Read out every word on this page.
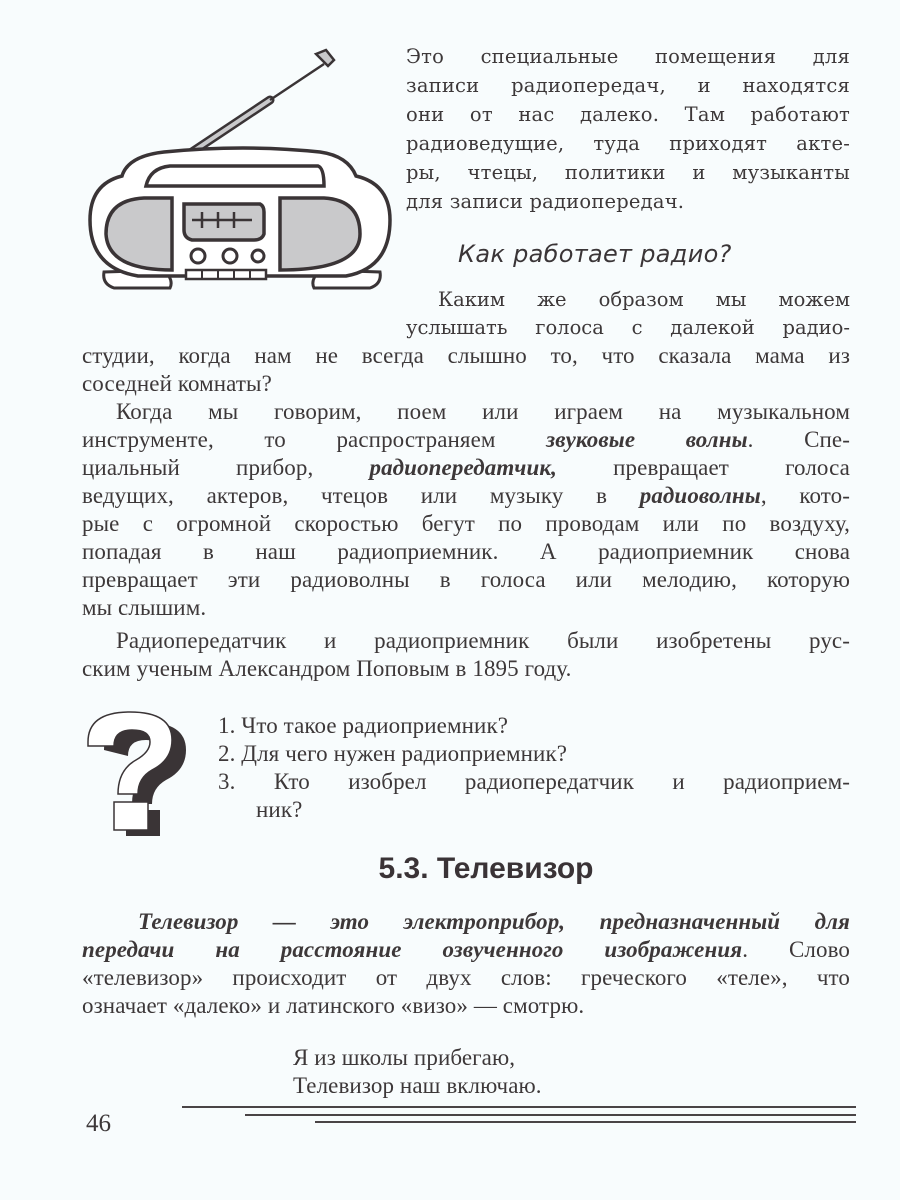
Это специальные помещения для
записи радиопередач, и находятся
они от нас далеко. Там работают
радиоведущие, туда приходят акте-
ры, чтецы, политики и музыканты
для записи радиопередач.
Как работает радио?
Каким же образом мы можем
услышать голоса с далекой радио-
студии, когда нам не всегда слышно то, что сказала мама из
соседней комнаты?
Когда мы говорим, поем или играем на музыкальном
инструменте, то распространяем звуковые волны. Спе-
циальный прибор, радиопередатчик, превращает голоса
ведущих, актеров, чтецов или музыку в радиоволны, кото-
рые с огромной скоростью бегут по проводам или по воздуху,
попадая в наш радиоприемник. А радиоприемник снова
превращает эти радиоволны в голоса или мелодию, которую
мы слышим.
Радиопередатчик и радиоприемник были изобретены рус-
ским ученым Александром Поповым в 1895 году.
1. Что такое радиоприемник?
2. Для чего нужен радиоприемник?
3. Кто изобрел радиопередатчик и радиоприем-
ник?
5.3. Телевизор
Телевизор — это электроприбор, предназначенный для
передачи на расстояние озвученного изображения. Слово
«телевизор» происходит от двух слов: греческого «теле», что
означает «далеко» и латинского «визо» — смотрю.
Я из школы прибегаю,
Телевизор наш включаю.
46
